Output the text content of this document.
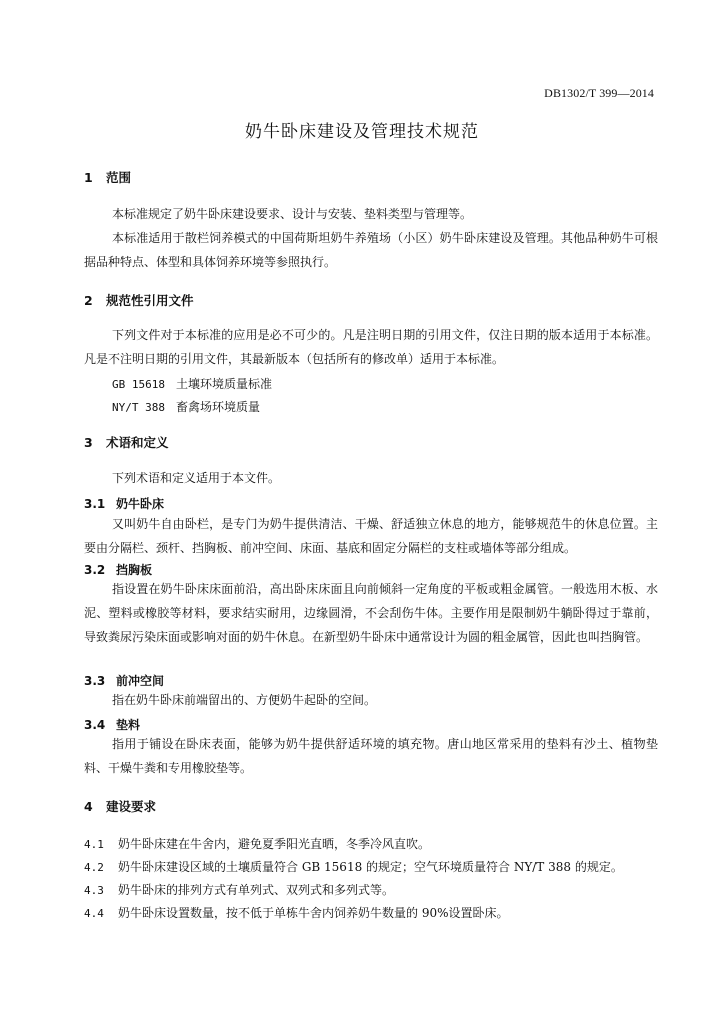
DB1302/T 399—2014
奶牛卧床建设及管理技术规范
1 范围
本标准规定了奶牛卧床建设要求、设计与安装、垫料类型与管理等。
本标准适用于散栏饲养模式的中国荷斯坦奶牛养殖场（小区）奶牛卧床建设及管理。其他品种奶牛可根据品种特点、体型和具体饲养环境等参照执行。
2 规范性引用文件
下列文件对于本标准的应用是必不可少的。凡是注明日期的引用文件，仅注日期的版本适用于本标准。凡是不注明日期的引用文件，其最新版本（包括所有的修改单）适用于本标准。
GB 15618 土壤环境质量标准
NY/T 388 畜禽场环境质量
3 术语和定义
下列术语和定义适用于本文件。
3.1 奶牛卧床
又叫奶牛自由卧栏，是专门为奶牛提供清洁、干燥、舒适独立休息的地方，能够规范牛的休息位置。主要由分隔栏、颈杆、挡胸板、前冲空间、床面、基底和固定分隔栏的支柱或墙体等部分组成。
3.2 挡胸板
指设置在奶牛卧床床面前沿，高出卧床床面且向前倾斜一定角度的平板或粗金属管。一般选用木板、水泥、塑料或橡胶等材料，要求结实耐用，边缘圆滑，不会刮伤牛体。主要作用是限制奶牛躺卧得过于靠前，导致粪尿污染床面或影响对面的奶牛休息。在新型奶牛卧床中通常设计为圆的粗金属管，因此也叫挡胸管。
3.3 前冲空间
指在奶牛卧床前端留出的、方便奶牛起卧的空间。
3.4 垫料
指用于铺设在卧床表面，能够为奶牛提供舒适环境的填充物。唐山地区常采用的垫料有沙土、植物垫料、干燥牛粪和专用橡胶垫等。
4 建设要求
4.1 奶牛卧床建在牛舍内，避免夏季阳光直晒，冬季冷风直吹。
4.2 奶牛卧床建设区域的土壤质量符合 GB 15618 的规定；空气环境质量符合 NY/T 388 的规定。
4.3 奶牛卧床的排列方式有单列式、双列式和多列式等。
4.4 奶牛卧床设置数量，按不低于单栋牛舍内饲养奶牛数量的 90%设置卧床。
